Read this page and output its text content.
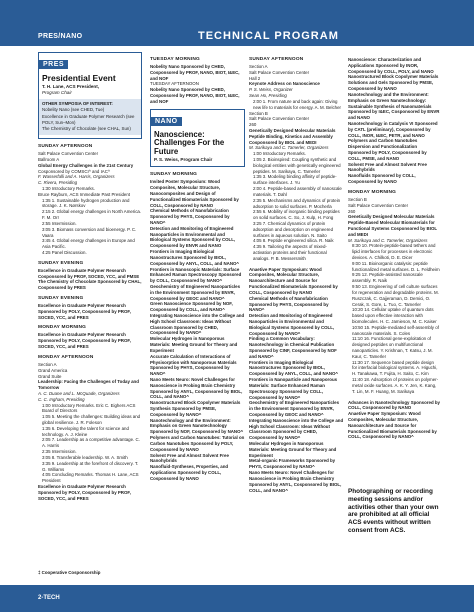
PRES/NANO	TECHNICAL PROGRAM
PRES
Presidential Event
T. H. Lane, ACS President,
Program Chair
OTHER SYMPOSIA OF INTEREST:
Nobelity Nano (see CHED, Tue)
Excellence in Graduate Polymer Research (see POLY, Sun–Mon)
The Chemistry of Chocolate (see CHAL, Sun)
SUNDAY AFTERNOON
Salt Palace Convention Center
Ballroom A
Global Energy Challenges in the 21st Century
Cosponsored by COMSCI^ and IAC^
F. Wasserfalli and A. Harris, Organizers
C. Rivera, Presiding
1:30 Introductory Remarks.
Bruce Rayburn, ACS Immediate Past President
1:35 1. Sustainable hydrogen production and storage. J. K. Nørskov
2:15 2. Global energy challenges in North America. F. M. Orr
2:55 Intermission.
3:05 3. Biomass conversion and bioenergy. P. C. Vaara
3:45 4. Global energy challenges in Europe and Asia Pacific.
4:25 Panel Discussion.
SUNDAY EVENING
Excellence in Graduate Polymer Research Cosponsored by PROF, SOCED, YCC, and PMSE
The Chemistry of Chocolate Sponsored by CHAL, Cosponsored by PRES
SUNDAY EVENING
Excellence in Graduate Polymer Research Sponsored by POLY, Cosponsored by PROF, SOCED, YCC, and PRES
MONDAY MORNING
Excellence in Graduate Polymer Research Sponsored by POLY, Cosponsored by PROF, SOCED, YCC, and PRES
MONDAY AFTERNOON
Section A
Grand America
Grand Suite
Leadership: Facing the Challenges of Today and Tomorrow
A. C. Duane and L. McQuade, Organizers
C. C. Ingham, Presiding
1:00 Introductory Remarks. Eric C. Eighers ACS Board of Directors
1:05 5. Meeting the challenges: Building ideas and global resilience. J. R. Foleson
1:35 6. Developing the talent for science and technology. A. J. Kleine
2:05 7. Leadership as a competitive advantage. C. A. Harris
2:35 Intermission.
3:05 8. Transferable leadership. W. A. Smith
3:35 9. Leadership at the forefront of discovery. T. G. Williams
4:05 Concluding Remarks. Thomas H. Lane, ACS President
Excellence in Graduate Polymer Research Sponsored by POLY, Cosponsored by PROF, SOCED, YCC, and PRES
‡ Cooperative Cosponsorship
TUESDAY MORNING
Nobelity Nano Sponsored by CHED, Cosponsored by PROF, NANO, BIOT, I&EC, and NOF
TUESDAY AFTERNOON
Nobelity Nano Sponsored by CHED, Cosponsored by PROF, NANO, BIOT, I&EC, and NOF
NANO
Nanoscience: Challenges For the Future
P. S. Weiss, Program Chair
SUNDAY MORNING
Invited Poster Symposium: Wood Composites, Molecular Structure, Nanocomposites and Design of Functionalized Biomaterials Sponsored by COLL, Cosponsored by NANO
Chemical Methods of Nanofabrication Sponsored by PHYS, Cosponsored by NANO^
Detection and Monitoring of Engineered Nanoparticles in Environmental and Biological Systems Sponsored by COLL, Cosponsored by ENVR and NANO
Frontiers in Imaging Biological Nanostructures Sponsored by BIOL, Cosponsored by ANYL, COLL, and NANO^
Frontiers in Nanoscopic Materials: Surface Enhanced Raman Spectroscopy Sponsored by COLL, Cosponsored by NANO^
Geochemistry of Engineered Nanoparticles in the Environment Sponsored by ENVR, Cosponsored by GEOC and NANO^
Green Nanoscience Sponsored by NOF, Cosponsored by COLL, and NANO^
Integrating Nanoscience into the College and High School Classroom: Ideas Without Classroom Sponsored by CHED, Cosponsored by NANO^
Molecular Hydrogen in Nanoporous Materials: Meeting Ground for Theory and Experiment
Accurate Calculation of Interactions of Physisorption with Nanoporous Materials Sponsored by PHYS, Cosponsored by NANO^
Nano Meets Neuro: Novel Challenges for Nanoscience in Probing Brain Chemistry Sponsored by ANYL, Cosponsored by BIOL, COLL, and NANO^
Nanostructured Block Copolymer Materials Synthesis Sponsored by PMSE, Cosponsored by NANO^
Nanotechnology and the Environment: Emphasis on Green Nanotechnology Sponsored by NOF, Cosponsored by NANO^
Polymers and Carbon Nanotubes: Tutorial on Carbon Nanotubes Sponsored by POLY, Cosponsored by NANO
Solvent Free and Almost Solvent Free Nanohybrids
Nanofluid-Syntheses, Properties, and Applications Sponsored by COLL, Cosponsored by NANO
SUNDAY AFTERNOON
Section A
Salt Palace Convention Center
Hall 2
Keynote Address on Nanoscience
P. S. Weiss, Organizer
Sean Ho, Presiding
2:00 1. From nature and back again: Giving new life to materials for energy. A. M. Belcher
Section B
Salt Palace Convention Center
260
Genetically Designed Molecular Materials Peptide Binding, Kinetics and Assembly Cosponsored by BIOL and MEDI
M. Sarikaya and C. Tamerler, Organizers
1:00 Introductory Remarks.
1:05 2. Bioinspired: Coupling synthetic and biological entities with genetically engineered peptides. M. Sarikaya, C. Tamerler
1:35 3. Modeling binding affinity of peptide-surface interfaces. J. Yu
2:00 4. Peptide-based assembly of nanoscale materials. T. Dahl
2:35 5. Mechanisms and dynamics of protein adsorption to solid surfaces. P. Mocherla
2:55 6. Mobility of inorganic binding peptides on solid surfaces. C. So, J. Kulp, H. Fong
3:25 7. Chemical dynamics of protein adsorption and desorption on engineered surfaces in aqueous solution. N. Saito
4:05 8. Peptide engineered silica. R. Naik
4:35 9. Tailoring the aspects of mixed-activation proteins and their functional analogs. P. B. Messersmith
Anaetive Paper Symposium: Wood Composites, Molecular Structure, Nanoarchitecture and Source for Functionalized Biomaterials Sponsored by COLL, Cosponsored by NANO
Chemical Methods of Nanofabrication Sponsored by PHYS, Cosponsored by NANO^
Detection and Monitoring of Engineered Nanoparticles in Environmental and Biological Systems Sponsored by COLL, Cosponsored by NANO^
Finding a Common Vocabulary: Nanotechnology in Chemical Publication Sponsored by CINF, Cosponsored by NOF and NANO^
Frontiers in Imaging Biological Nanostructures Sponsored by BIOL, Cosponsored by ANYL, COLL, and NANO^
Frontiers in Nanoparticle and Nanoporous Materials: Surface Enhanced Raman Spectroscopy Sponsored by COLL, Cosponsored by NANO^
Geochemistry of Engineered Nanoparticles in the Environment Sponsored by ENVR, Cosponsored by GEOC and NANO^
Integrating Nanoscience into the College and High School Classroom: Ideas Without Classroom Sponsored by CHED, Cosponsored by NANO^
Molecular Hydrogen in Nanoporous Materials: Meeting Ground for Theory and Experiment
Metal-organic Frameworks Sponsored by PHYS, Cosponsored by NANO^
Nano Meets Neuro: Novel Challenges for Nanoscience in Probing Brain Chemistry Sponsored by ANYL, Cosponsored by BIOL, COLL, and NANO^
Nanoscience: Characterization and Applications Sponsored by INOR, Cosponsored by COLL, POLY, and NANO
Nanostructured Block Copolymer Materials
Solutions and Gels Sponsored by PMSE, Cosponsored by NANO
Nanotechnology and the Environment: Emphasis on Green Nanotechnology: Sustainable Synthesis of Nanomaterials Sponsored by I&EC, Cosponsored by ENVR and NANO
Nanotechnology in Catalysis VI Sponsored by CATL (preliminary), Cosponsored by COLL, INOR, I&EC, PETR, and NANO
Polymers and Carbon Nanotubes Dispersion and Functionalization Sponsored by POLY, Cosponsored by COLL, PMSE, and NANO
Solvent Free and Almost Solvent Free Nanohybrids
Nanofluids Sponsored by COLL, Cosponsored by NANO
MONDAY MORNING
Section B
Salt Palace Convention Center
260
Genetically Designed Molecular Materials Peptide-Based Molecular Biomaterials for Functional Systems Cosponsored by BIOL and MEDI
M. Sarikaya and C. Tamerler, Organizers
8:30 10. Protein-peptide-based tethers and lipid interfaces for processes in electronic devices. A. Chilkoti, D. E. Dicer
9:00 11. Bioinorganic catalysis: peptide functionalized metal surfaces. D. L. Feldheim
9:25 12. Peptide-assisted nanoscale assembly. R. Naik
9:50 13. Engineering of cell culture surfaces for regeneration and degradable proteins. M. Ruszczak, C. Gajjeraman, D. Demici, O. Cerak, S. Gore, L. Tuo, C. Tamerler
10:20 14. Cellular uptake of quantum dots based upon effective interaction with biomolecules. H. C. Jamieson, M. C. Kaiser
10:50 15. Peptide-mediated self-assembly of nanoscale materials. S. Coles
11:10 16. Functional gene-exploitation of designed peptides on multifunctional nanoparticles. Y. Krishnan, T. Katsu, J. M. Kaur, C. Tamerler
11:30 17. Sequence based peptide design for interfacial biological systems. A. Higuchi, H. Tanakawa, T. Fujita, H. Saito, C. Kim
11:40 18. Adsorption of proteins on polymer-metal oxide surfaces. A. K. Y. Jen, K. Kang, T. Lin, M. F. Huang, M. Sarikaya
Advances in Nanotechnology Sponsored by COLL, Cosponsored by NANO
Anaetive Paper Symposium: Wood Composites, Molecular Structure, Nanoarchitecture and Source for Functionalized Biomaterials Sponsored by COLL, Cosponsored by NANO^
Photographing or recording meeting sessions and/or activities other than your own are prohibited at all official ACS events without written consent from ACS.
2-TECH
